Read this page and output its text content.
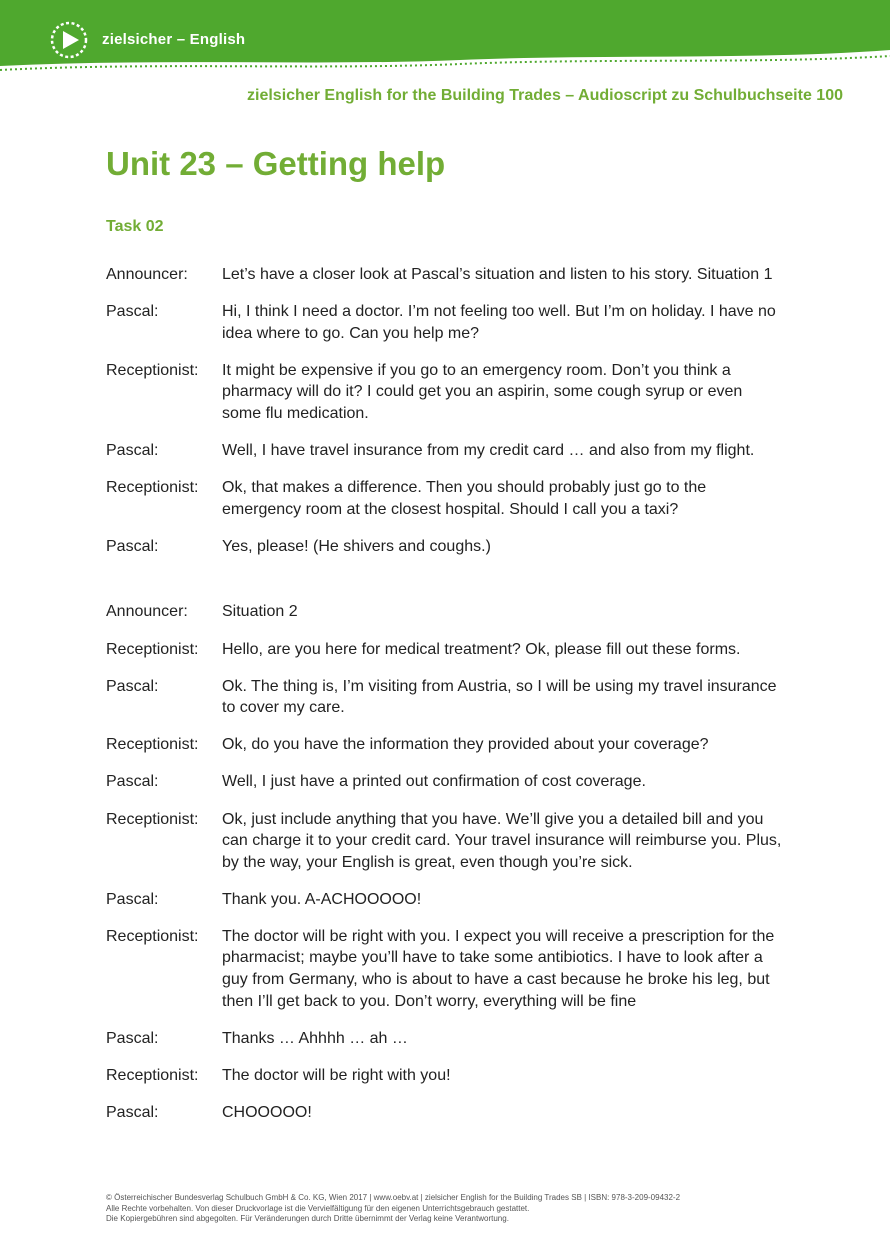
zielsicher – English
zielsicher English for the Building Trades – Audioscript zu Schulbuchseite 100
Unit 23 – Getting help
Task 02
Announcer:	Let’s have a closer look at Pascal’s situation and listen to his story. Situation 1
Pascal:	Hi, I think I need a doctor. I’m not feeling too well. But I’m on holiday. I have no idea where to go. Can you help me?
Receptionist:	It might be expensive if you go to an emergency room. Don’t you think a pharmacy will do it? I could get you an aspirin, some cough syrup or even some flu medication.
Pascal:	Well, I have travel insurance from my credit card … and also from my flight.
Receptionist:	Ok, that makes a difference. Then you should probably just go to the emergency room at the closest hospital. Should I call you a taxi?
Pascal:	Yes, please! (He shivers and coughs.)
Announcer:	Situation 2
Receptionist:	Hello, are you here for medical treatment? Ok, please fill out these forms.
Pascal:	Ok. The thing is, I’m visiting from Austria, so I will be using my travel insurance to cover my care.
Receptionist:	Ok, do you have the information they provided about your coverage?
Pascal:	Well, I just have a printed out confirmation of cost coverage.
Receptionist:	Ok, just include anything that you have. We’ll give you a detailed bill and you can charge it to your credit card. Your travel insurance will reimburse you. Plus, by the way, your English is great, even though you’re sick.
Pascal:	Thank you. A-ACHOOOOO!
Receptionist:	The doctor will be right with you. I expect you will receive a prescription for the pharmacist; maybe you’ll have to take some antibiotics. I have to look after a guy from Germany, who is about to have a cast because he broke his leg, but then I’ll get back to you. Don’t worry, everything will be fine
Pascal:	Thanks … Ahhhh … ah …
Receptionist:	The doctor will be right with you!
Pascal:	CHOOOOO!
© Österreichischer Bundesverlag Schulbuch GmbH & Co. KG, Wien 2017 | www.oebv.at | zielsicher English for the Building Trades SB | ISBN: 978-3-209-09432-2
Alle Rechte vorbehalten. Von dieser Druckvorlage ist die Vervielfältigung für den eigenen Unterrichtsgebrauch gestattet.
Die Kopiergebühren sind abgegolten. Für Veränderungen durch Dritte übernimmt der Verlag keine Verantwortung.
